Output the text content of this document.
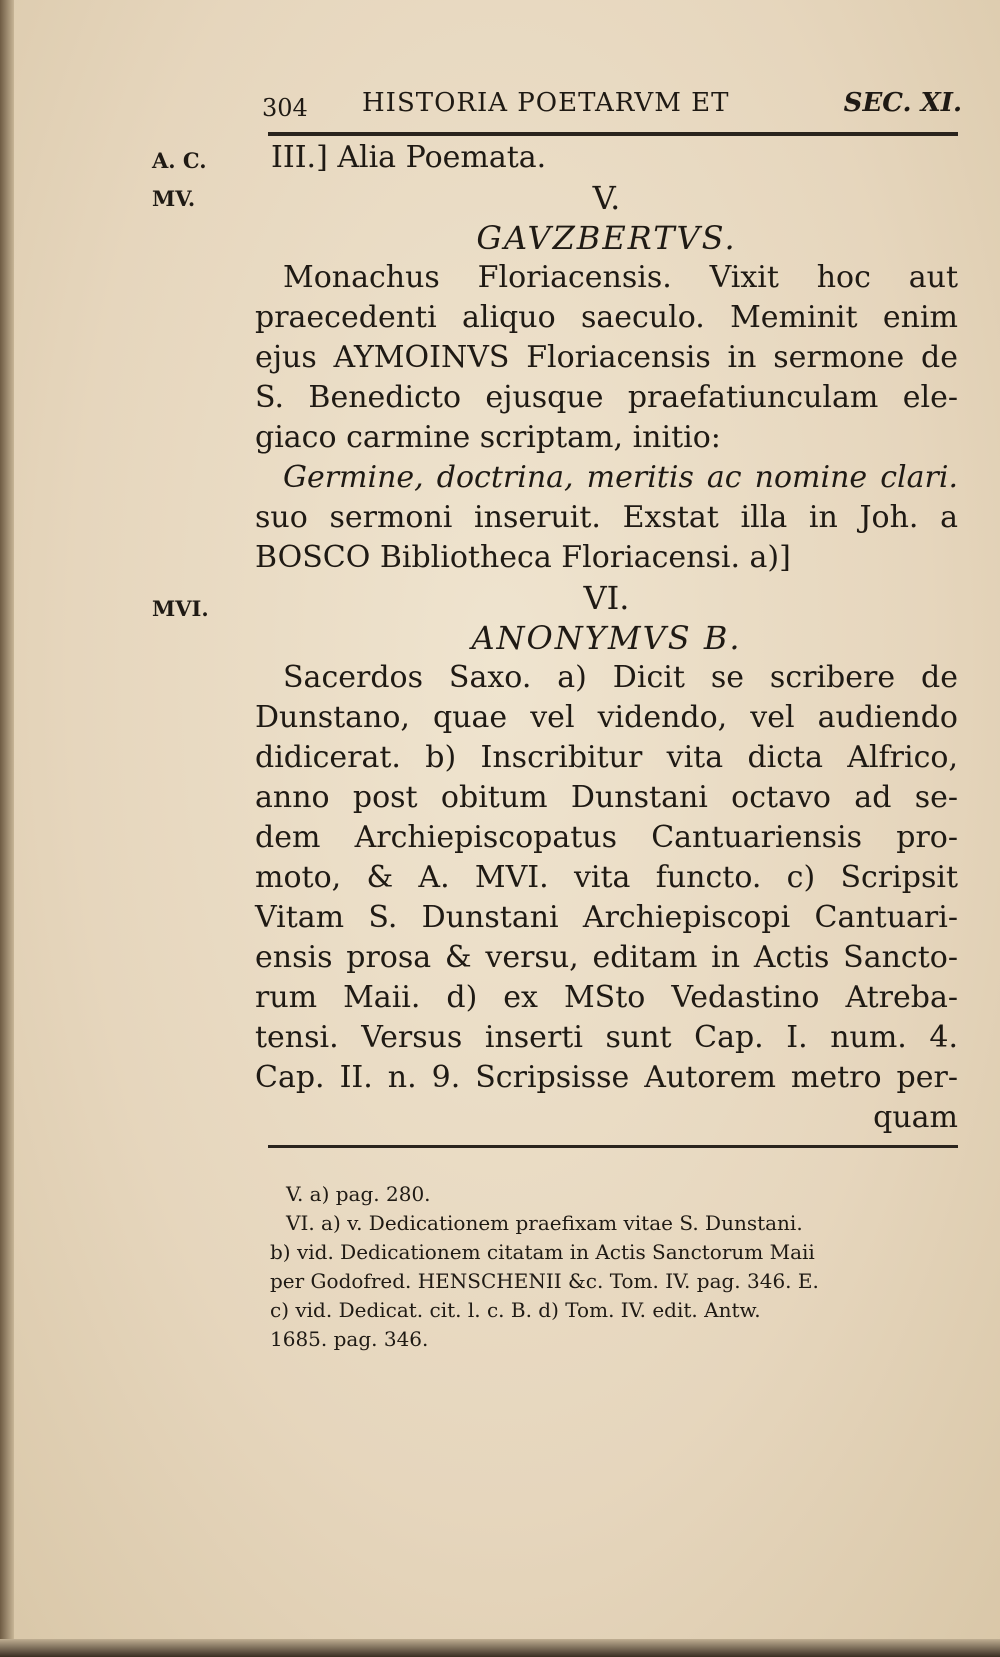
304 HISTORIA POETARVM ET	SEC. XI.
A. C.
MV.
MVI.
III.] Alia Poemata.
V.
GAVZBERTVS.
Monachus Floriacensis. Vixit hoc aut
praecedenti aliquo saeculo. Meminit enim
ejus AYMOINVS Floriacensis in sermone de
S. Benedicto ejusque praefatiunculam ele-
giaco carmine scriptam, initio:
Germine, doctrina, meritis ac nomine clari.
suo sermoni inseruit. Exstat illa in Joh. a
BOSCO Bibliotheca Floriacensi. a)]
VI.
ANONYMVS B.
Sacerdos Saxo. a) Dicit se scribere de
Dunstano, quae vel videndo, vel audiendo
didicerat. b) Inscribitur vita dicta Alfrico,
anno post obitum Dunstani octavo ad se-
dem Archiepiscopatus Cantuariensis pro-
moto, & A. MVI. vita functo. c) Scripsit
Vitam S. Dunstani Archiepiscopi Cantuari-
ensis prosa & versu, editam in Actis Sancto-
rum Maii. d) ex MSto Vedastino Atreba-
tensi. Versus inserti sunt Cap. I. num. 4.
Cap. II. n. 9. Scripsisse Autorem metro per-
quam
V. a) pag. 280.
VI. a) v. Dedicationem praefixam vitae S. Dunstani.
b) vid. Dedicationem citatam in Actis Sanctorum Maii
per Godofred. HENSCHENII &c. Tom. IV. pag. 346. E.
c) vid. Dedicat. cit. l. c. B. d) Tom. IV. edit. Antw.
1685. pag. 346.
